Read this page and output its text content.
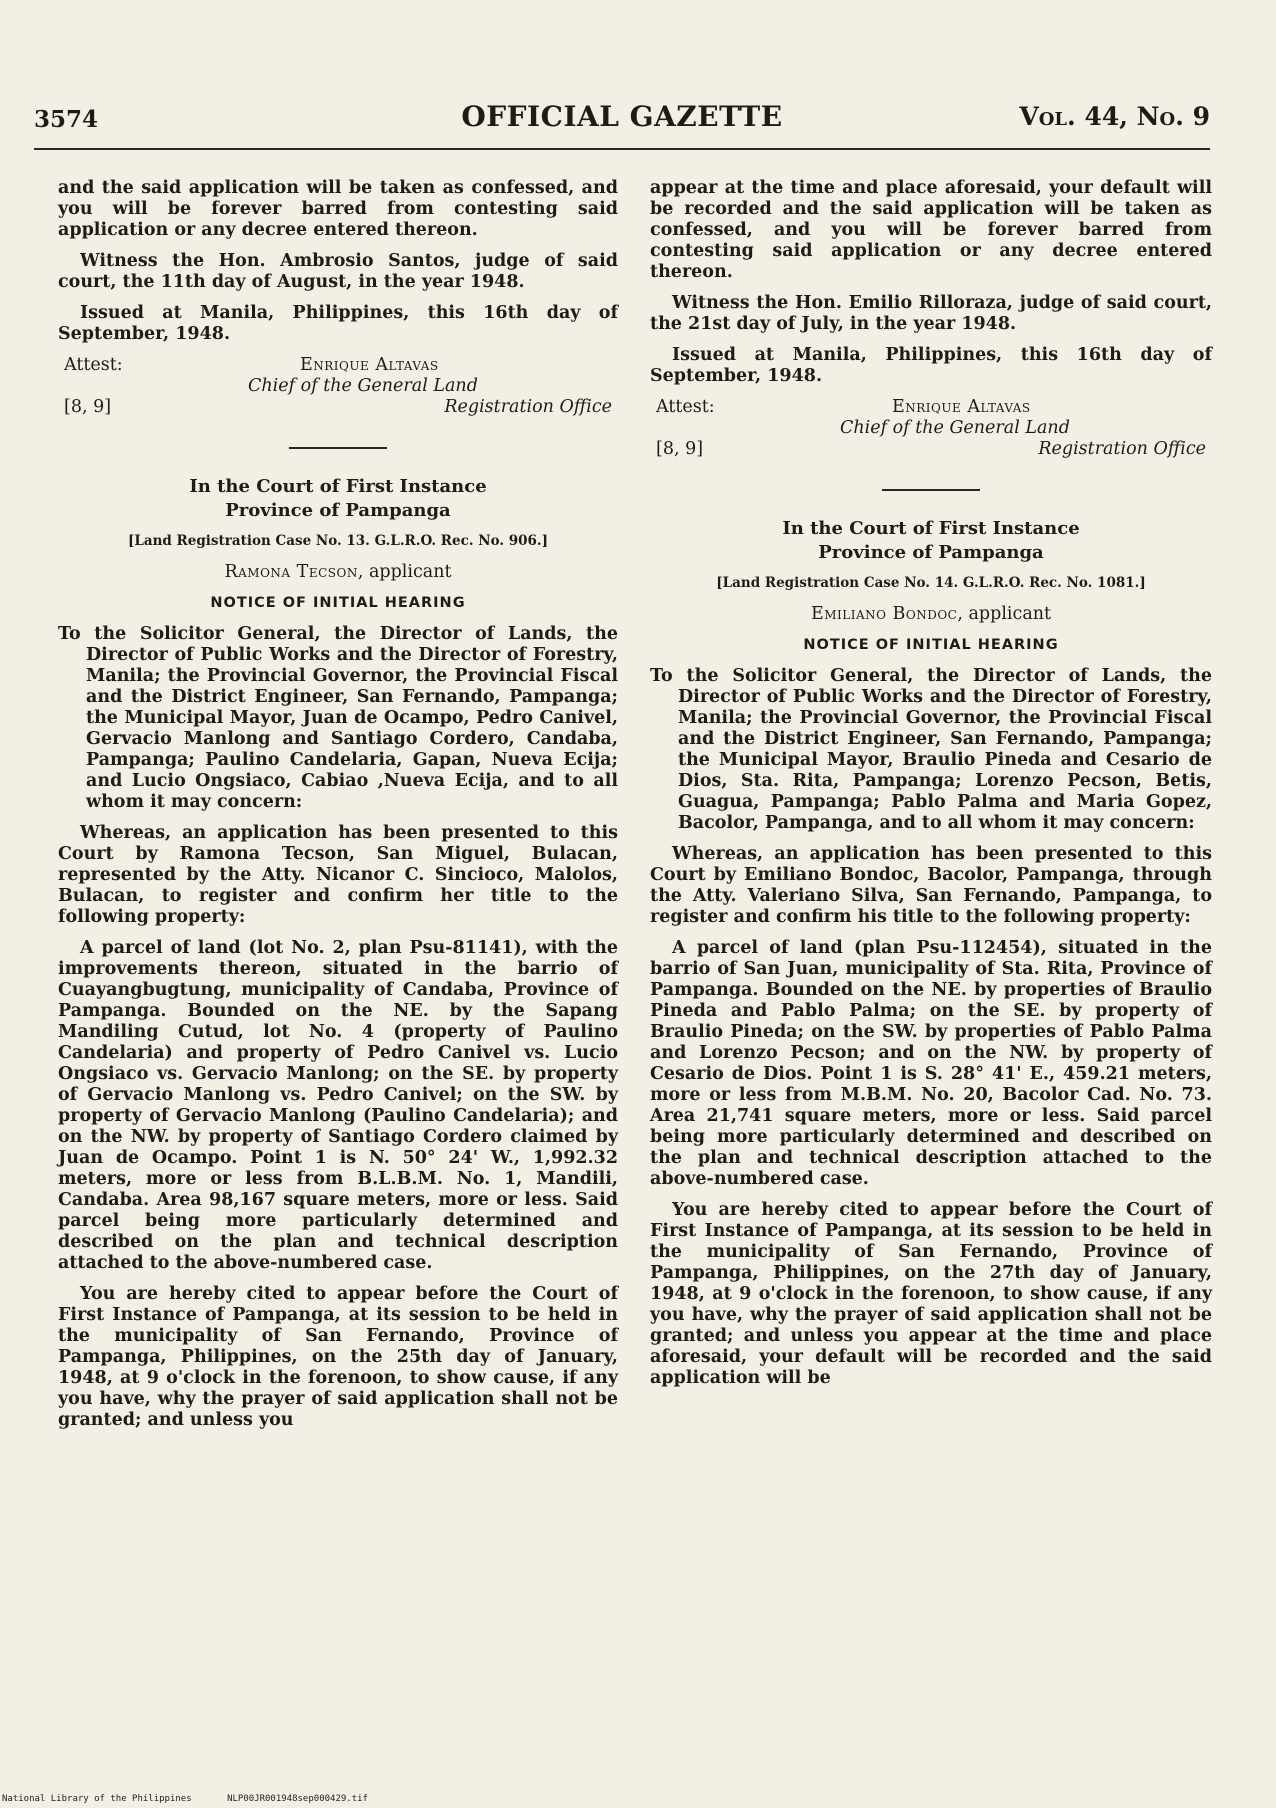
3574	OFFICIAL GAZETTE	Vol. 44, No. 9

and the said application will be taken as confessed, and you will be forever barred from contesting said application or any decree entered thereon.

Witness the Hon. Ambrosio Santos, judge of said court, the 11th day of August, in the year 1948.

Issued at Manila, Philippines, this 16th day of September, 1948.

Attest:	Enrique Altavas
Chief of the General Land
[8, 9]	Registration Office
In the Court of First Instance
Province of Pampanga
[Land Registration Case No. 13. G.L.R.O. Rec. No. 906.]
Ramona Tecson, applicant
NOTICE OF INITIAL HEARING

To the Solicitor General, the Director of Lands, the Director of Public Works and the Director of Forestry, Manila; the Provincial Governor, the Provincial Fiscal and the District Engineer, San Fernando, Pampanga; the Municipal Mayor, Juan de Ocampo, Pedro Canivel, Gervacio Manlong and Santiago Cordero, Candaba, Pampanga; Paulino Candelaria, Gapan, Nueva Ecija; and Lucio Ongsiaco, Cabiao ,Nueva Ecija, and to all whom it may concern:

Whereas, an application has been presented to this Court by Ramona Tecson, San Miguel, Bulacan, represented by the Atty. Nicanor C. Sincioco, Malolos, Bulacan, to register and confirm her title to the following property:

A parcel of land (lot No. 2, plan Psu-81141), with the improvements thereon, situated in the barrio of Cuayangbugtung, municipality of Candaba, Province of Pampanga. Bounded on the NE. by the Sapang Mandiling Cutud, lot No. 4 (property of Paulino Candelaria) and property of Pedro Canivel vs. Lucio Ongsiaco vs. Gervacio Manlong; on the SE. by property of Gervacio Manlong vs. Pedro Canivel; on the SW. by property of Gervacio Manlong (Paulino Candelaria); and on the NW. by property of Santiago Cordero claimed by Juan de Ocampo. Point 1 is N. 50° 24' W., 1,992.32 meters, more or less from B.L.B.M. No. 1, Mandili, Candaba. Area 98,167 square meters, more or less. Said parcel being more particularly determined and described on the plan and technical description attached to the above-numbered case.

You are hereby cited to appear before the Court of First Instance of Pampanga, at its session to be held in the municipality of San Fernando, Province of Pampanga, Philippines, on the 25th day of January, 1948, at 9 o'clock in the forenoon, to show cause, if any you have, why the prayer of said application shall not be granted; and unless you

appear at the time and place aforesaid, your default will be recorded and the said application will be taken as confessed, and you will be forever barred from contesting said application or any decree entered thereon.

Witness the Hon. Emilio Rilloraza, judge of said court, the 21st day of July, in the year 1948.

Issued at Manila, Philippines, this 16th day of September, 1948.

Attest:	Enrique Altavas
Chief of the General Land
[8, 9]	Registration Office
In the Court of First Instance
Province of Pampanga
[Land Registration Case No. 14. G.L.R.O. Rec. No. 1081.]
Emiliano Bondoc, applicant
NOTICE OF INITIAL HEARING

To the Solicitor General, the Director of Lands, the Director of Public Works and the Director of Forestry, Manila; the Provincial Governor, the Provincial Fiscal and the District Engineer, San Fernando, Pampanga; the Municipal Mayor, Braulio Pineda and Cesario de Dios, Sta. Rita, Pampanga; Lorenzo Pecson, Betis, Guagua, Pampanga; Pablo Palma and Maria Gopez, Bacolor, Pampanga, and to all whom it may concern:

Whereas, an application has been presented to this Court by Emiliano Bondoc, Bacolor, Pampanga, through the Atty. Valeriano Silva, San Fernando, Pampanga, to register and confirm his title to the following property:

A parcel of land (plan Psu-112454), situated in the barrio of San Juan, municipality of Sta. Rita, Province of Pampanga. Bounded on the NE. by properties of Braulio Pineda and Pablo Palma; on the SE. by property of Braulio Pineda; on the SW. by properties of Pablo Palma and Lorenzo Pecson; and on the NW. by property of Cesario de Dios. Point 1 is S. 28° 41' E., 459.21 meters, more or less from M.B.M. No. 20, Bacolor Cad. No. 73. Area 21,741 square meters, more or less. Said parcel being more particularly determined and described on the plan and technical description attached to the above-numbered case.

You are hereby cited to appear before the Court of First Instance of Pampanga, at its session to be held in the municipality of San Fernando, Province of Pampanga, Philippines, on the 27th day of January, 1948, at 9 o'clock in the forenoon, to show cause, if any you have, why the prayer of said application shall not be granted; and unless you appear at the time and place aforesaid, your default will be recorded and the said application will be

National Library of the Philippines	NLP00JR001948sep000429.tif
